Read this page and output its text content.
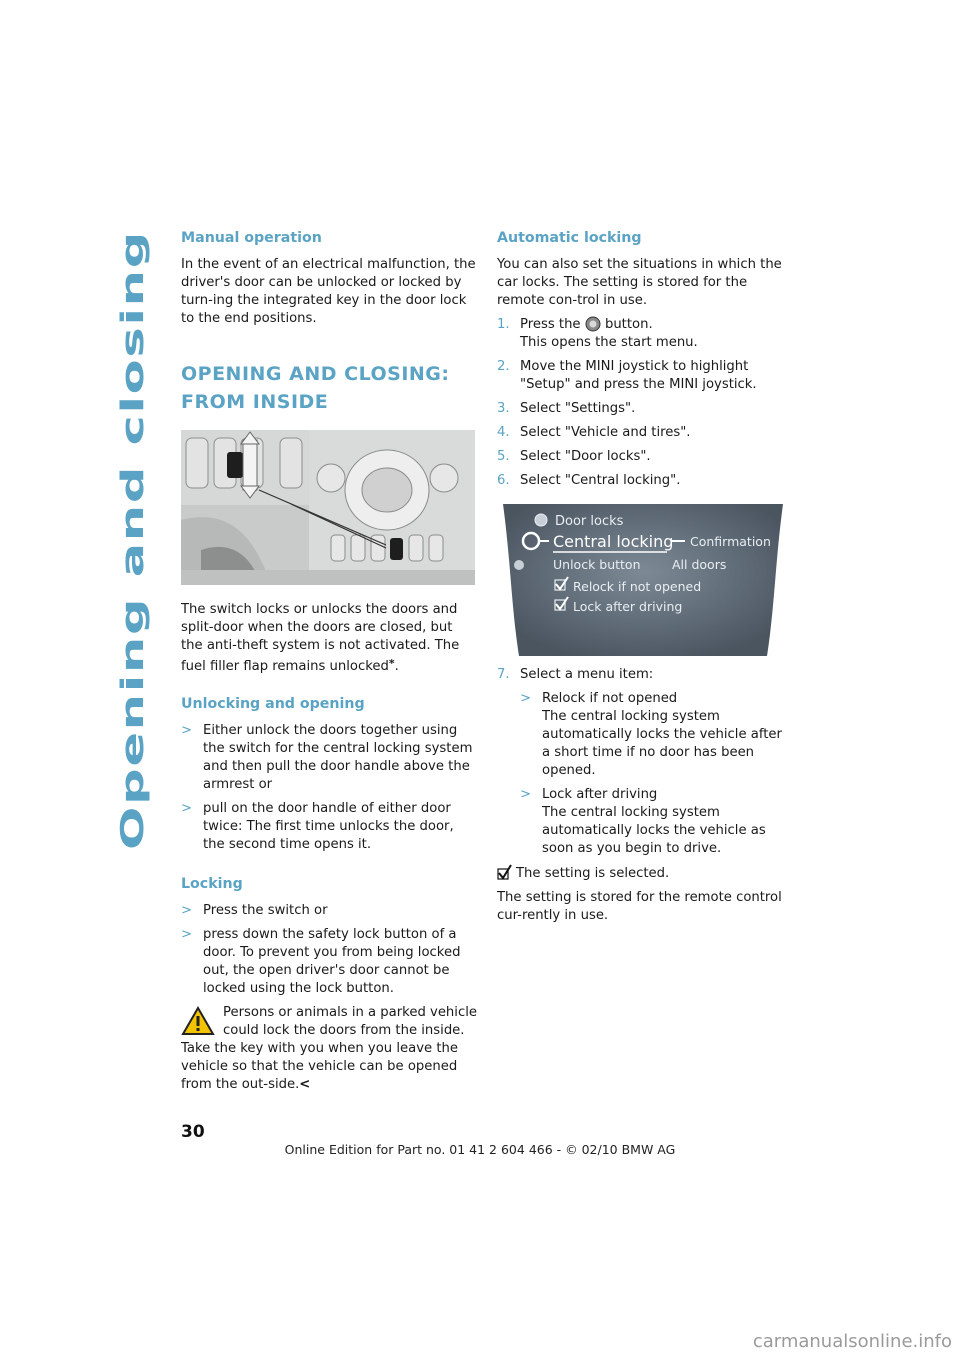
Opening and closing
Manual operation

In the event of an electrical malfunction, the driver's door can be unlocked or locked by turn-ing the integrated key in the door lock to the end positions.

OPENING AND CLOSING:
FROM INSIDE

The switch locks or unlocks the doors and split-door when the doors are closed, but the anti-theft system is not activated. The fuel filler flap remains unlocked*.

Unlocking and opening
> Either unlock the doors together using the switch for the central locking system and then pull the door handle above the armrest or
> pull on the door handle of either door twice: The first time unlocks the door, the second time opens it.
Locking
> Press the switch or
> press down the safety lock button of a door. To prevent you from being locked out, the open driver's door cannot be locked using the lock button.
Persons or animals in a parked vehicle could lock the doors from the inside. Take the key with you when you leave the vehicle so that the vehicle can be opened from the out-side.<
Automatic locking

You can also set the situations in which the car locks. The setting is stored for the remote con-trol in use.

1. Press the button.
This opens the start menu.
2. Move the MINI joystick to highlight "Setup" and press the MINI joystick.
3. Select "Settings".
4. Select "Vehicle and tires".
5. Select "Door locks".
6. Select "Central locking".
Door locks
Central locking Confirmation
Unlock button	All doors
Relock if not opened
Lock after driving
7. Select a menu item:
> Relock if not opened
The central locking system automatically locks the vehicle after a short time if no door has been opened.
> Lock after driving
The central locking system automatically locks the vehicle as soon as you begin to drive.

The setting is selected.

The setting is stored for the remote control cur-rently in use.

30
Online Edition for Part no. 01 41 2 604 466 - © 02/10 BMW AG
carmanualsonline.info
